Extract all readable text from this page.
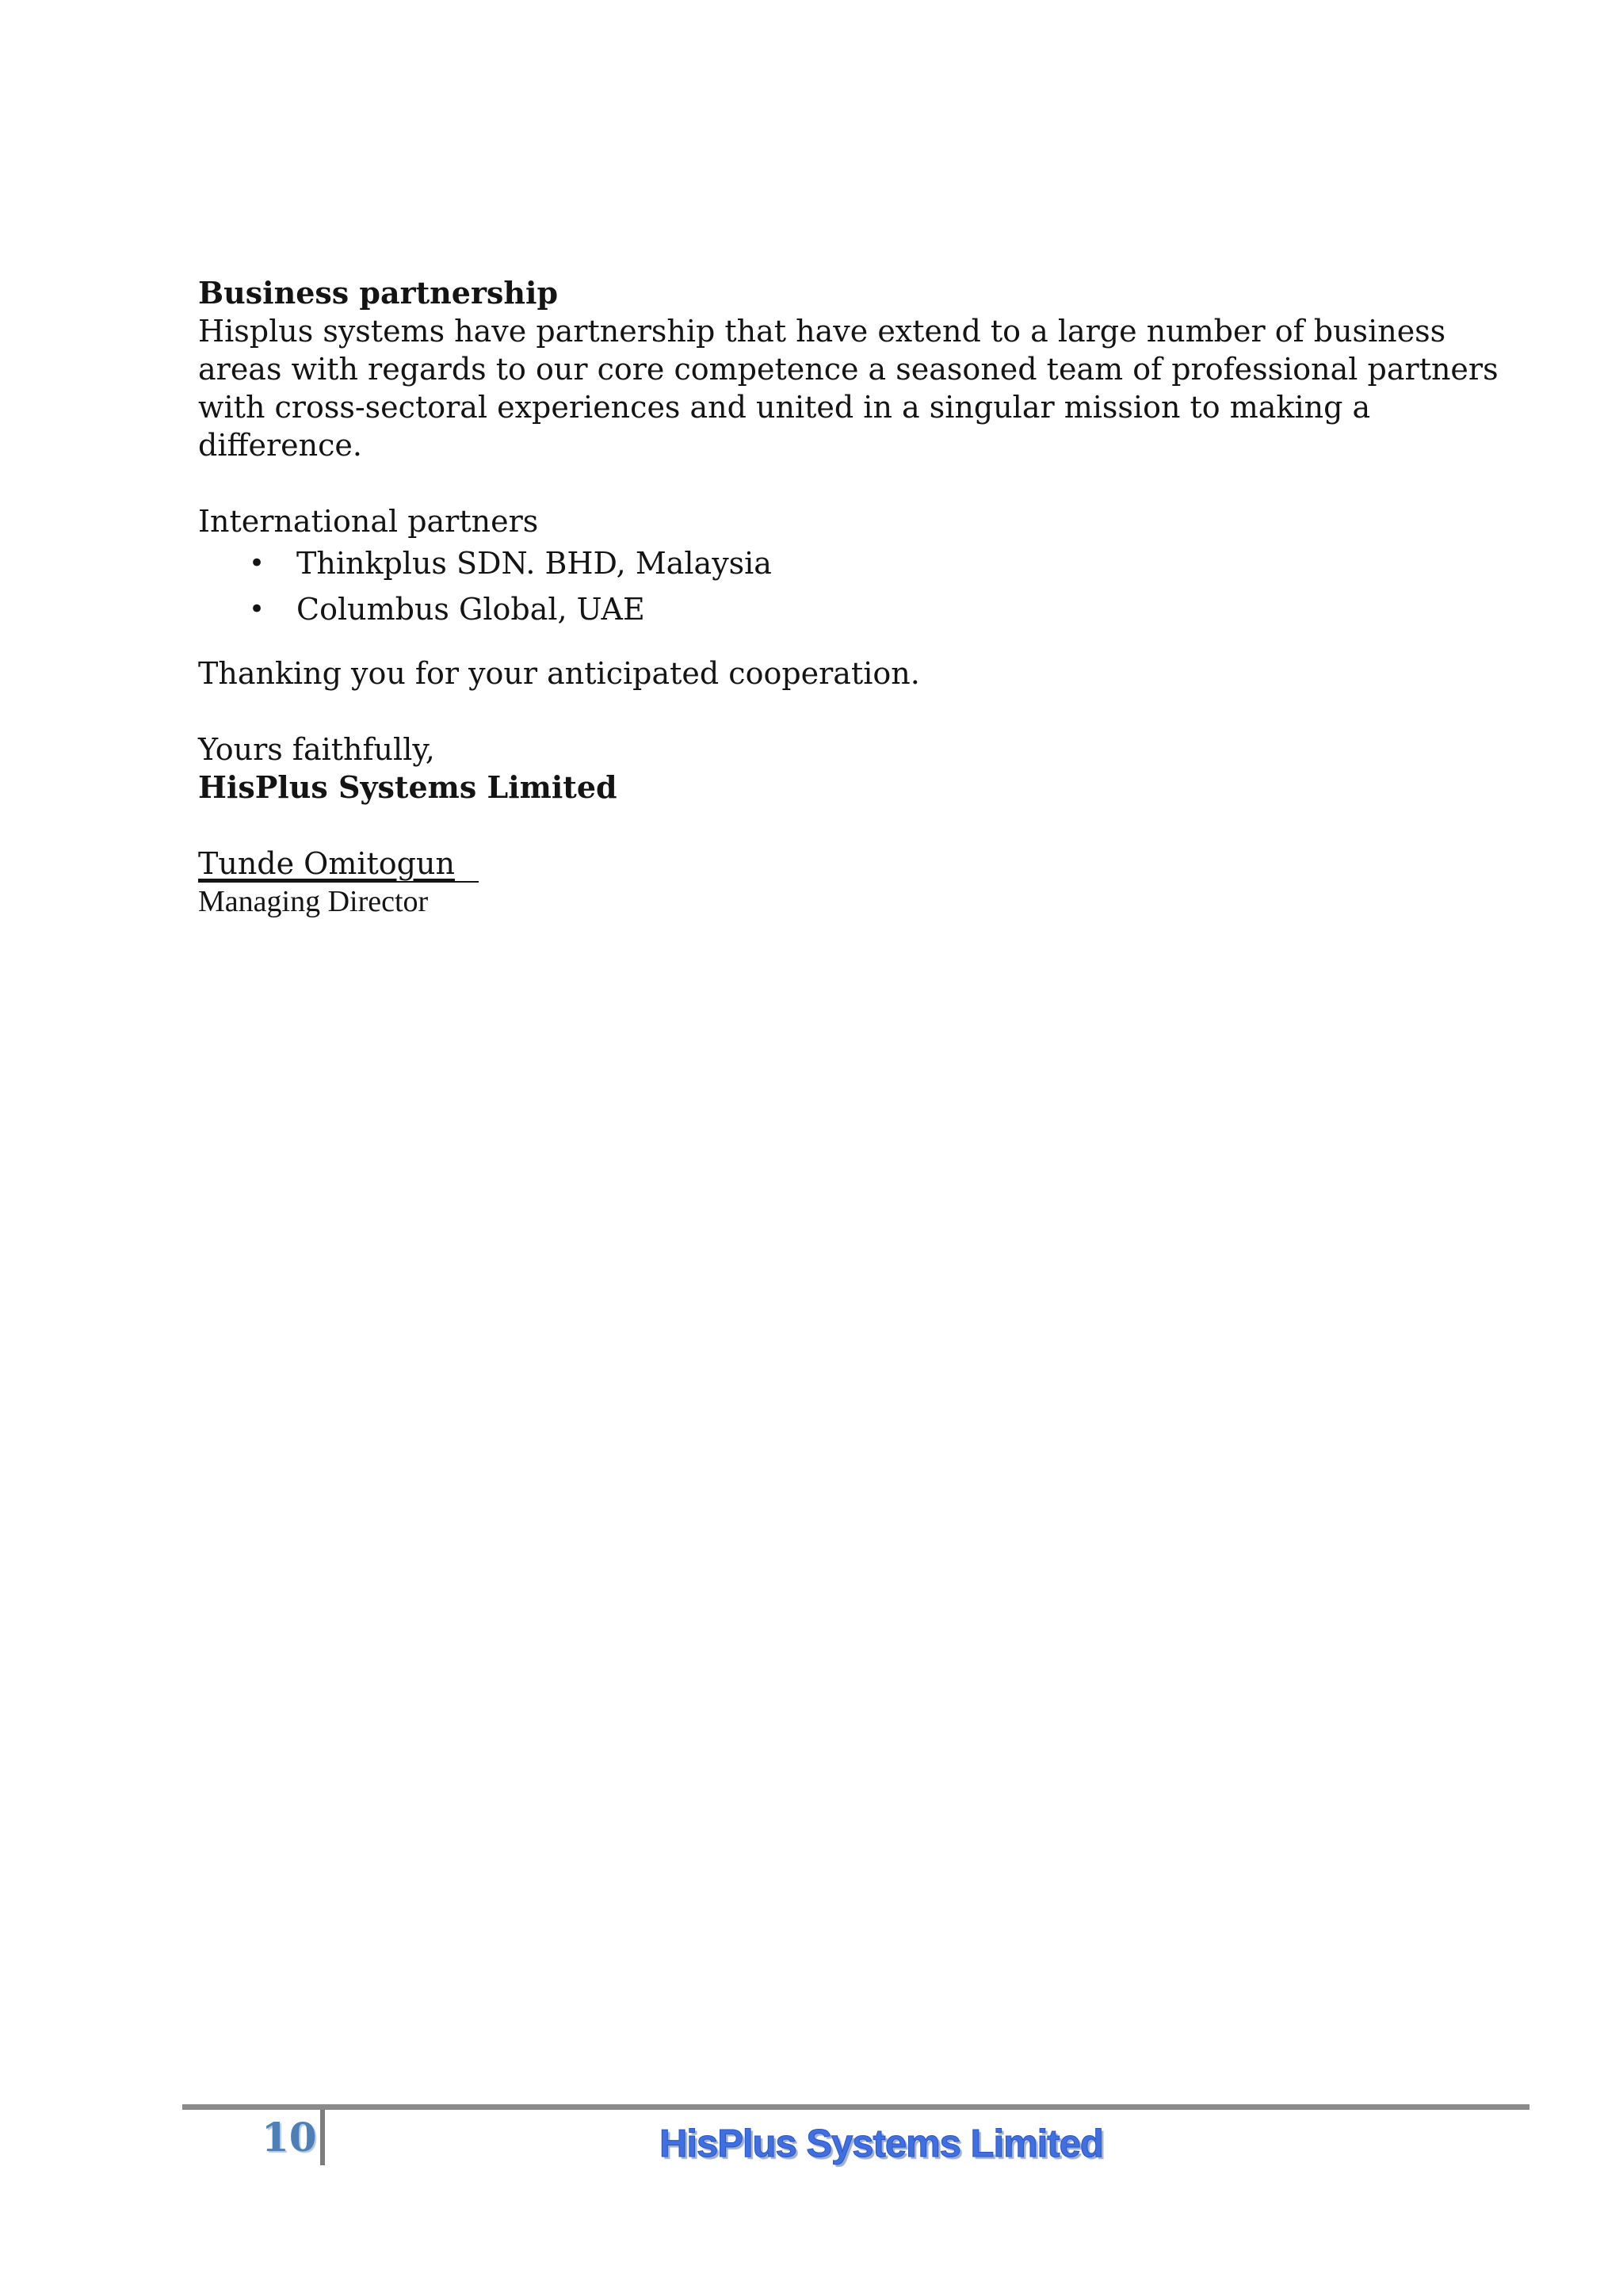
Business partnership

Hisplus systems have partnership that have extend to a large number of business areas with regards to our core competence a seasoned team of professional partners with cross-sectoral experiences and united in a singular mission to making a difference.

International partners

• Thinkplus SDN. BHD, Malaysia
• Columbus Global, UAE

Thanking you for your anticipated cooperation.

Yours faithfully,

HisPlus Systems Limited

Tunde Omitogun

Managing Director

10	HisPlus Systems Limited
